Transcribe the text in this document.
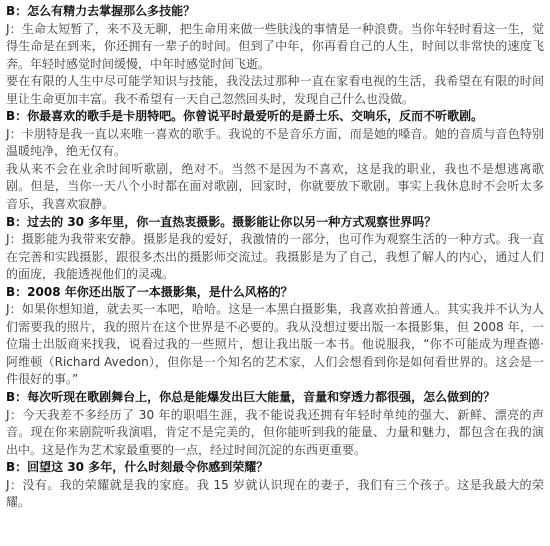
B：怎么有精力去掌握那么多技能？

J：生命太短暂了，来不及无聊，把生命用来做一些肤浅的事情是一种浪费。当你年轻时看这一生，觉得生命是在到来，你还拥有一辈子的时间。但到了中年，你再看自己的人生，时间以非常快的速度飞奔。年轻时感觉时间缓慢，中年时感觉时间飞逝。

要在有限的人生中尽可能学知识与技能，我没法过那种一直在家看电视的生活，我希望在有限的时间里让生命更加丰富。我不希望有一天自己忽然回头时，发现自己什么也没做。

B：你最喜欢的歌手是卡朋特吧。你曾说平时最爱听的是爵士乐、交响乐，反而不听歌剧。

J：卡朋特是我一直以来唯一喜欢的歌手。我说的不是音乐方面，而是她的嗓音。她的音质与音色特别温暖纯净，绝无仅有。

我从来不会在业余时间听歌剧，绝对不。当然不是因为不喜欢，这是我的职业，我也不是想逃离歌剧。但是，当你一天八个小时都在面对歌剧，回家时，你就要放下歌剧。事实上我休息时不会听太多音乐，我喜欢寂静。

B：过去的 30 多年里，你一直热衷摄影。摄影能让你以另一种方式观察世界吗？

J：摄影能为我带来安静。摄影是我的爱好，我激情的一部分，也可作为观察生活的一种方式。我一直在完善和实践摄影，跟很多杰出的摄影师交流过。我摄影是为了自己，我想了解人的内心，通过人们的面庞，我能透视他们的灵魂。

B：2008 年你还出版了一本摄影集，是什么风格的？

J：如果你想知道，就去买一本吧，哈哈。这是一本黑白摄影集，我喜欢拍普通人。其实我并不认为人们需要我的照片，我的照片在这个世界是不必要的。我从没想过要出版一本摄影集，但 2008 年，一位瑞士出版商来找我，说看过我的一些照片，想让我出版一本书。他说服我，“你不可能成为理查德·阿维顿（Richard Avedon），但你是一个知名的艺术家，人们会想看到你是如何看世界的。这会是一件很好的事。”

B：每次听现在歌剧舞台上，你总是能爆发出巨大能量，音量和穿透力都很强，怎么做到的？

J：今天我差不多经历了 30 年的职唱生涯，我不能说我还拥有年轻时单纯的强大、新鲜、漂亮的声音。现在你来剧院听我演唱，肯定不是完美的，但你能听到我的能量、力量和魅力，都包含在我的演出中。这是作为艺术家最重要的一点，经过时间沉淀的东西更重要。

B：回望这 30 多年，什么时刻最令你感到荣耀？

J：没有。我的荣耀就是我的家庭。我 15 岁就认识现在的妻子，我们有三个孩子。这是我最大的荣耀。
